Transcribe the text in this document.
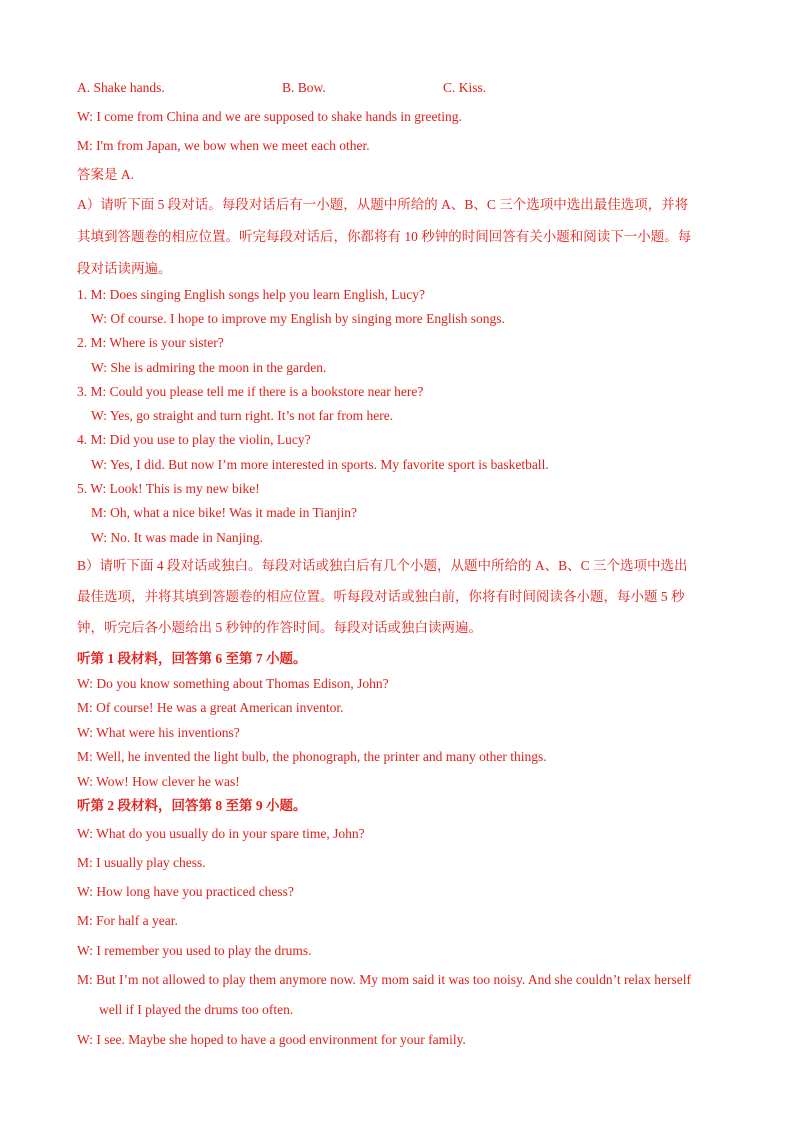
A. Shake hands.	B. Bow.	C. Kiss.
W: I come from China and we are supposed to shake hands in greeting.
M: I'm from Japan, we bow when we meet each other.
答案是 A.
A）请听下面 5 段对话。每段对话后有一小题，从题中所给的 A、B、C 三个选项中选出最佳选项，并将
其填到答题卷的相应位置。听完每段对话后，你都将有 10 秒钟的时间回答有关小题和阅读下一小题。每
段对话读两遍。
1. M: Does singing English songs help you learn English, Lucy?
W: Of course. I hope to improve my English by singing more English songs.
2. M: Where is your sister?
W: She is admiring the moon in the garden.
3. M: Could you please tell me if there is a bookstore near here?
W: Yes, go straight and turn right. It’s not far from here.
4. M: Did you use to play the violin, Lucy?
W: Yes, I did. But now I’m more interested in sports. My favorite sport is basketball.
5. W: Look! This is my new bike!
M: Oh, what a nice bike! Was it made in Tianjin?
W: No. It was made in Nanjing.
B）请听下面 4 段对话或独白。每段对话或独白后有几个小题，从题中所给的 A、B、C 三个选项中选出
最佳选项，并将其填到答题卷的相应位置。听每段对话或独白前，你将有时间阅读各小题，每小题 5 秒
钟，听完后各小题给出 5 秒钟的作答时间。每段对话或独白读两遍。
听第 1 段材料，回答第 6 至第 7 小题。
W: Do you know something about Thomas Edison, John?
M: Of course! He was a great American inventor.
W: What were his inventions?
M: Well, he invented the light bulb, the phonograph, the printer and many other things.
W: Wow! How clever he was!
听第 2 段材料，回答第 8 至第 9 小题。
W: What do you usually do in your spare time, John?
M: I usually play chess.
W: How long have you practiced chess?
M: For half a year.
W: I remember you used to play the drums.
M: But I’m not allowed to play them anymore now. My mom said it was too noisy. And she couldn’t relax herself
well if I played the drums too often.
W: I see. Maybe she hoped to have a good environment for your family.
